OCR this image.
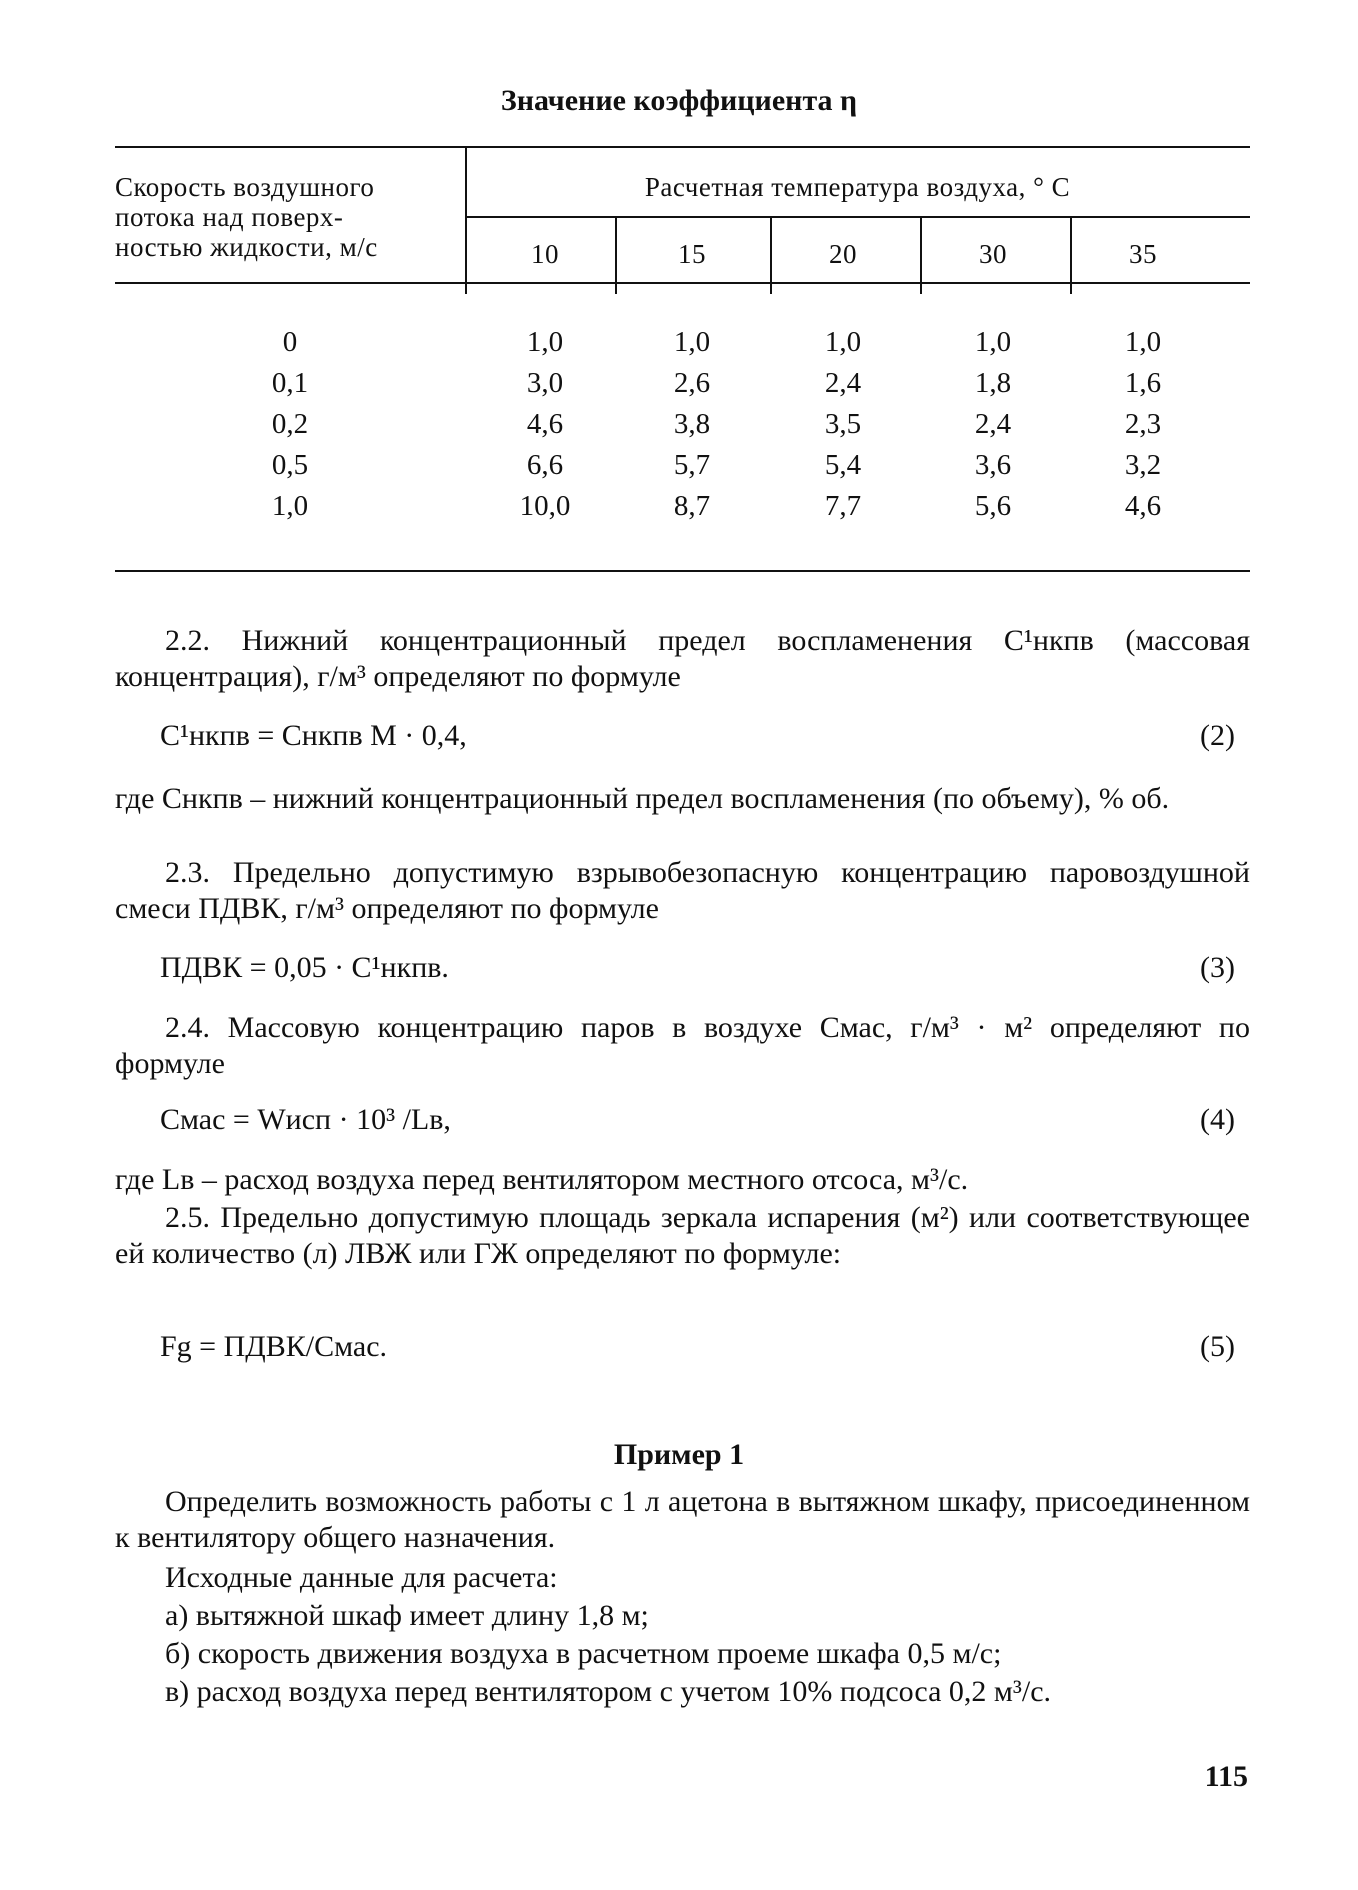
Значение коэффициента η
Скорость воздушного
потока над поверх-
ностью жидкости, м/с
Расчетная температура воздуха, ° С
10	15	20	30	35
0	1,0	1,0	1,0	1,0	1,0
0,1	3,0	2,6	2,4	1,8	1,6
0,2	4,6	3,8	3,5	2,4	2,3
0,5	6,6	5,7	5,4	3,6	3,2
1,0	10,0	8,7	7,7	5,6	4,6
2.2. Нижний концентрационный предел воспламенения C¹нкпв (массовая концентрация), г/м³ определяют по формуле
C¹нкпв = Cнкпв M · 0,4,	(2)
где Cнкпв – нижний концентрационный предел воспламенения (по объему), % об.
2.3. Предельно допустимую взрывобезопасную концентрацию паровоздушной смеси ПДВК, г/м³ определяют по формуле
ПДВК = 0,05 · C¹нкпв.	(3)
2.4. Массовую концентрацию паров в воздухе Cмас, г/м³ · м² определяют по формуле
Cмас = Wисп · 10³ /Lв,	(4)
где Lв – расход воздуха перед вентилятором местного отсоса, м³/с.
2.5. Предельно допустимую площадь зеркала испарения (м²) или соответствующее ей количество (л) ЛВЖ или ГЖ определяют по формуле:
Fg = ПДВК/Cмас.	(5)
Пример 1
Определить возможность работы с 1 л ацетона в вытяжном шкафу, присоединенном к вентилятору общего назначения.
Исходные данные для расчета:
а) вытяжной шкаф имеет длину 1,8 м;
б) скорость движения воздуха в расчетном проеме шкафа 0,5 м/с;
в) расход воздуха перед вентилятором с учетом 10% подсоса 0,2 м³/с.
115
